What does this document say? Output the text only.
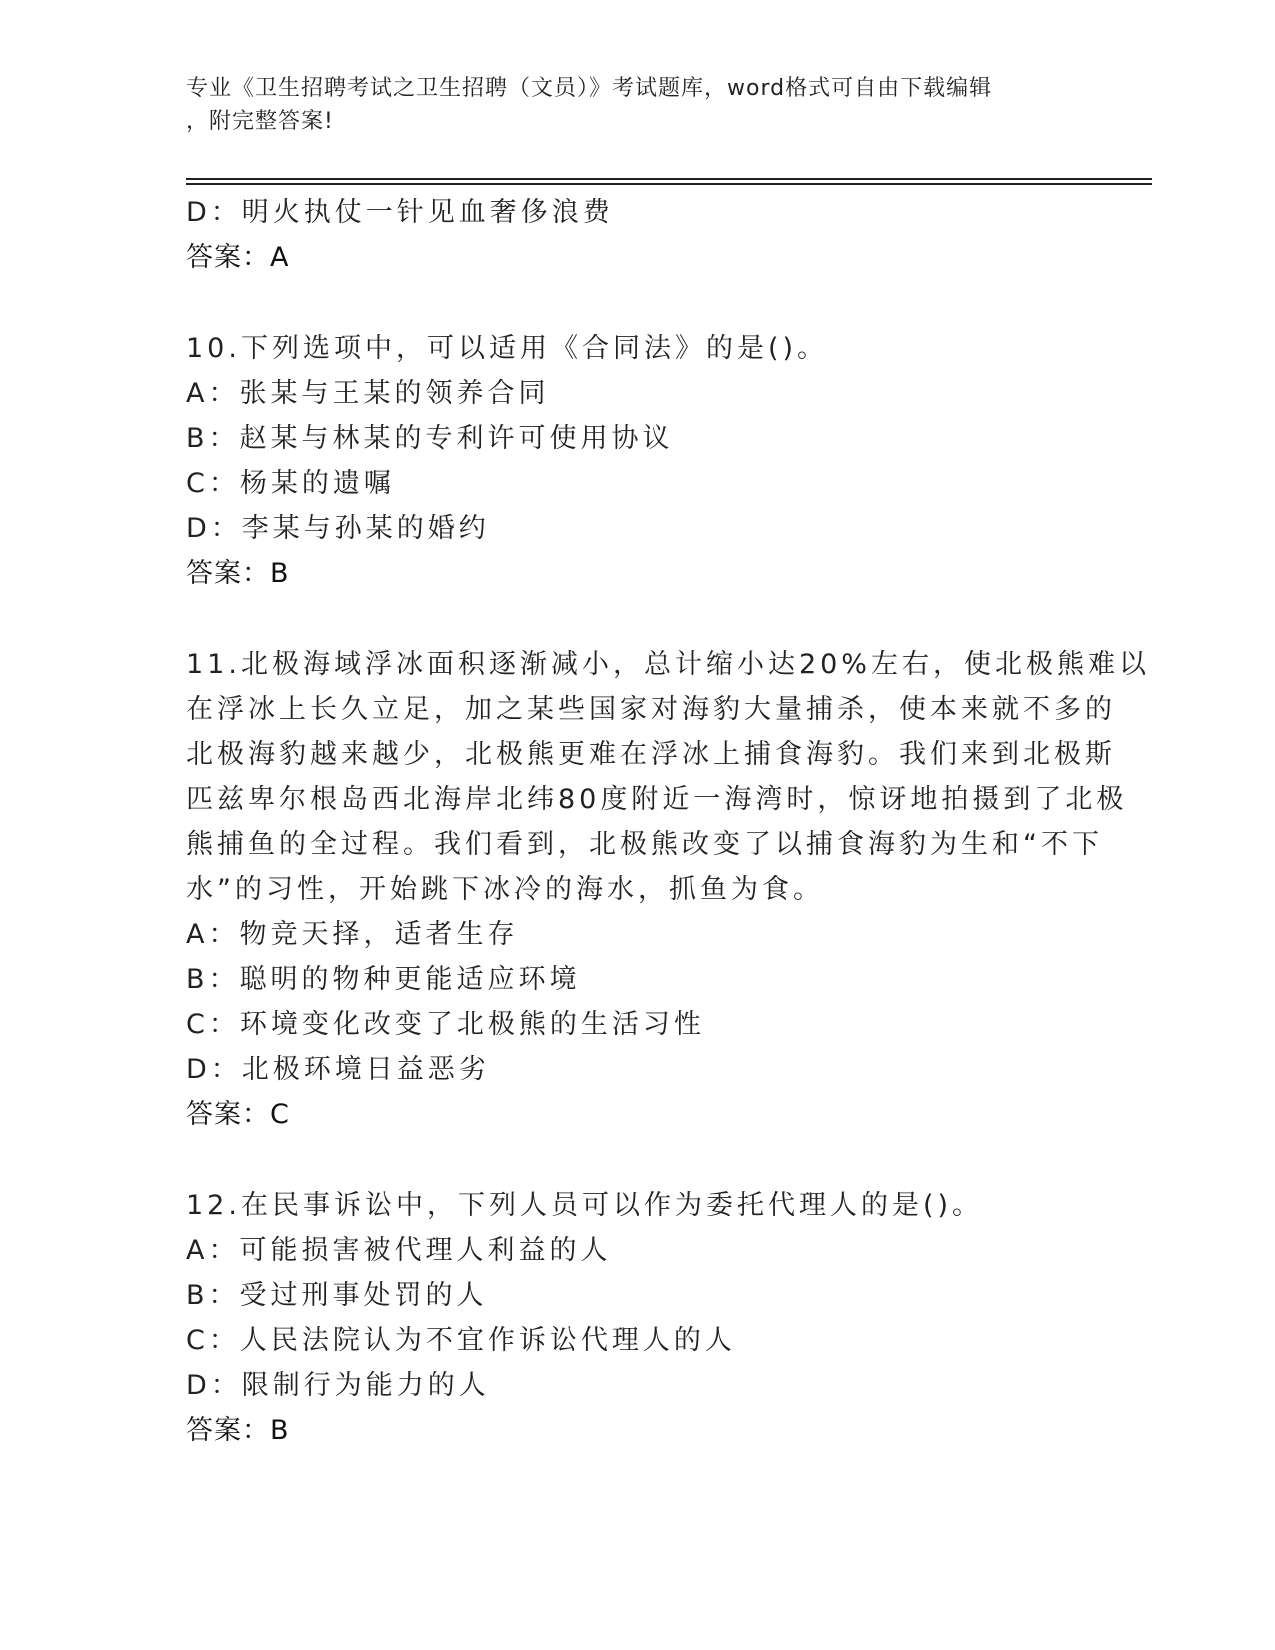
专业《卫生招聘考试之卫生招聘（文员）》考试题库，word格式可自由下载编辑
，附完整答案!
D：明火执仗一针见血奢侈浪费
答案：A
10.下列选项中，可以适用《合同法》的是()。
A：张某与王某的领养合同
B：赵某与林某的专利许可使用协议
C：杨某的遗嘱
D：李某与孙某的婚约
答案：B
11.北极海域浮冰面积逐渐减小，总计缩小达20%左右，使北极熊难以
在浮冰上长久立足，加之某些国家对海豹大量捕杀，使本来就不多的
北极海豹越来越少，北极熊更难在浮冰上捕食海豹。我们来到北极斯
匹兹卑尔根岛西北海岸北纬80度附近一海湾时，惊讶地拍摄到了北极
熊捕鱼的全过程。我们看到，北极熊改变了以捕食海豹为生和“不下
水”的习性，开始跳下冰冷的海水，抓鱼为食。
A：物竞天择，适者生存
B：聪明的物种更能适应环境
C：环境变化改变了北极熊的生活习性
D：北极环境日益恶劣
答案：C
12.在民事诉讼中，下列人员可以作为委托代理人的是()。
A：可能损害被代理人利益的人
B：受过刑事处罚的人
C：人民法院认为不宜作诉讼代理人的人
D：限制行为能力的人
答案：B
